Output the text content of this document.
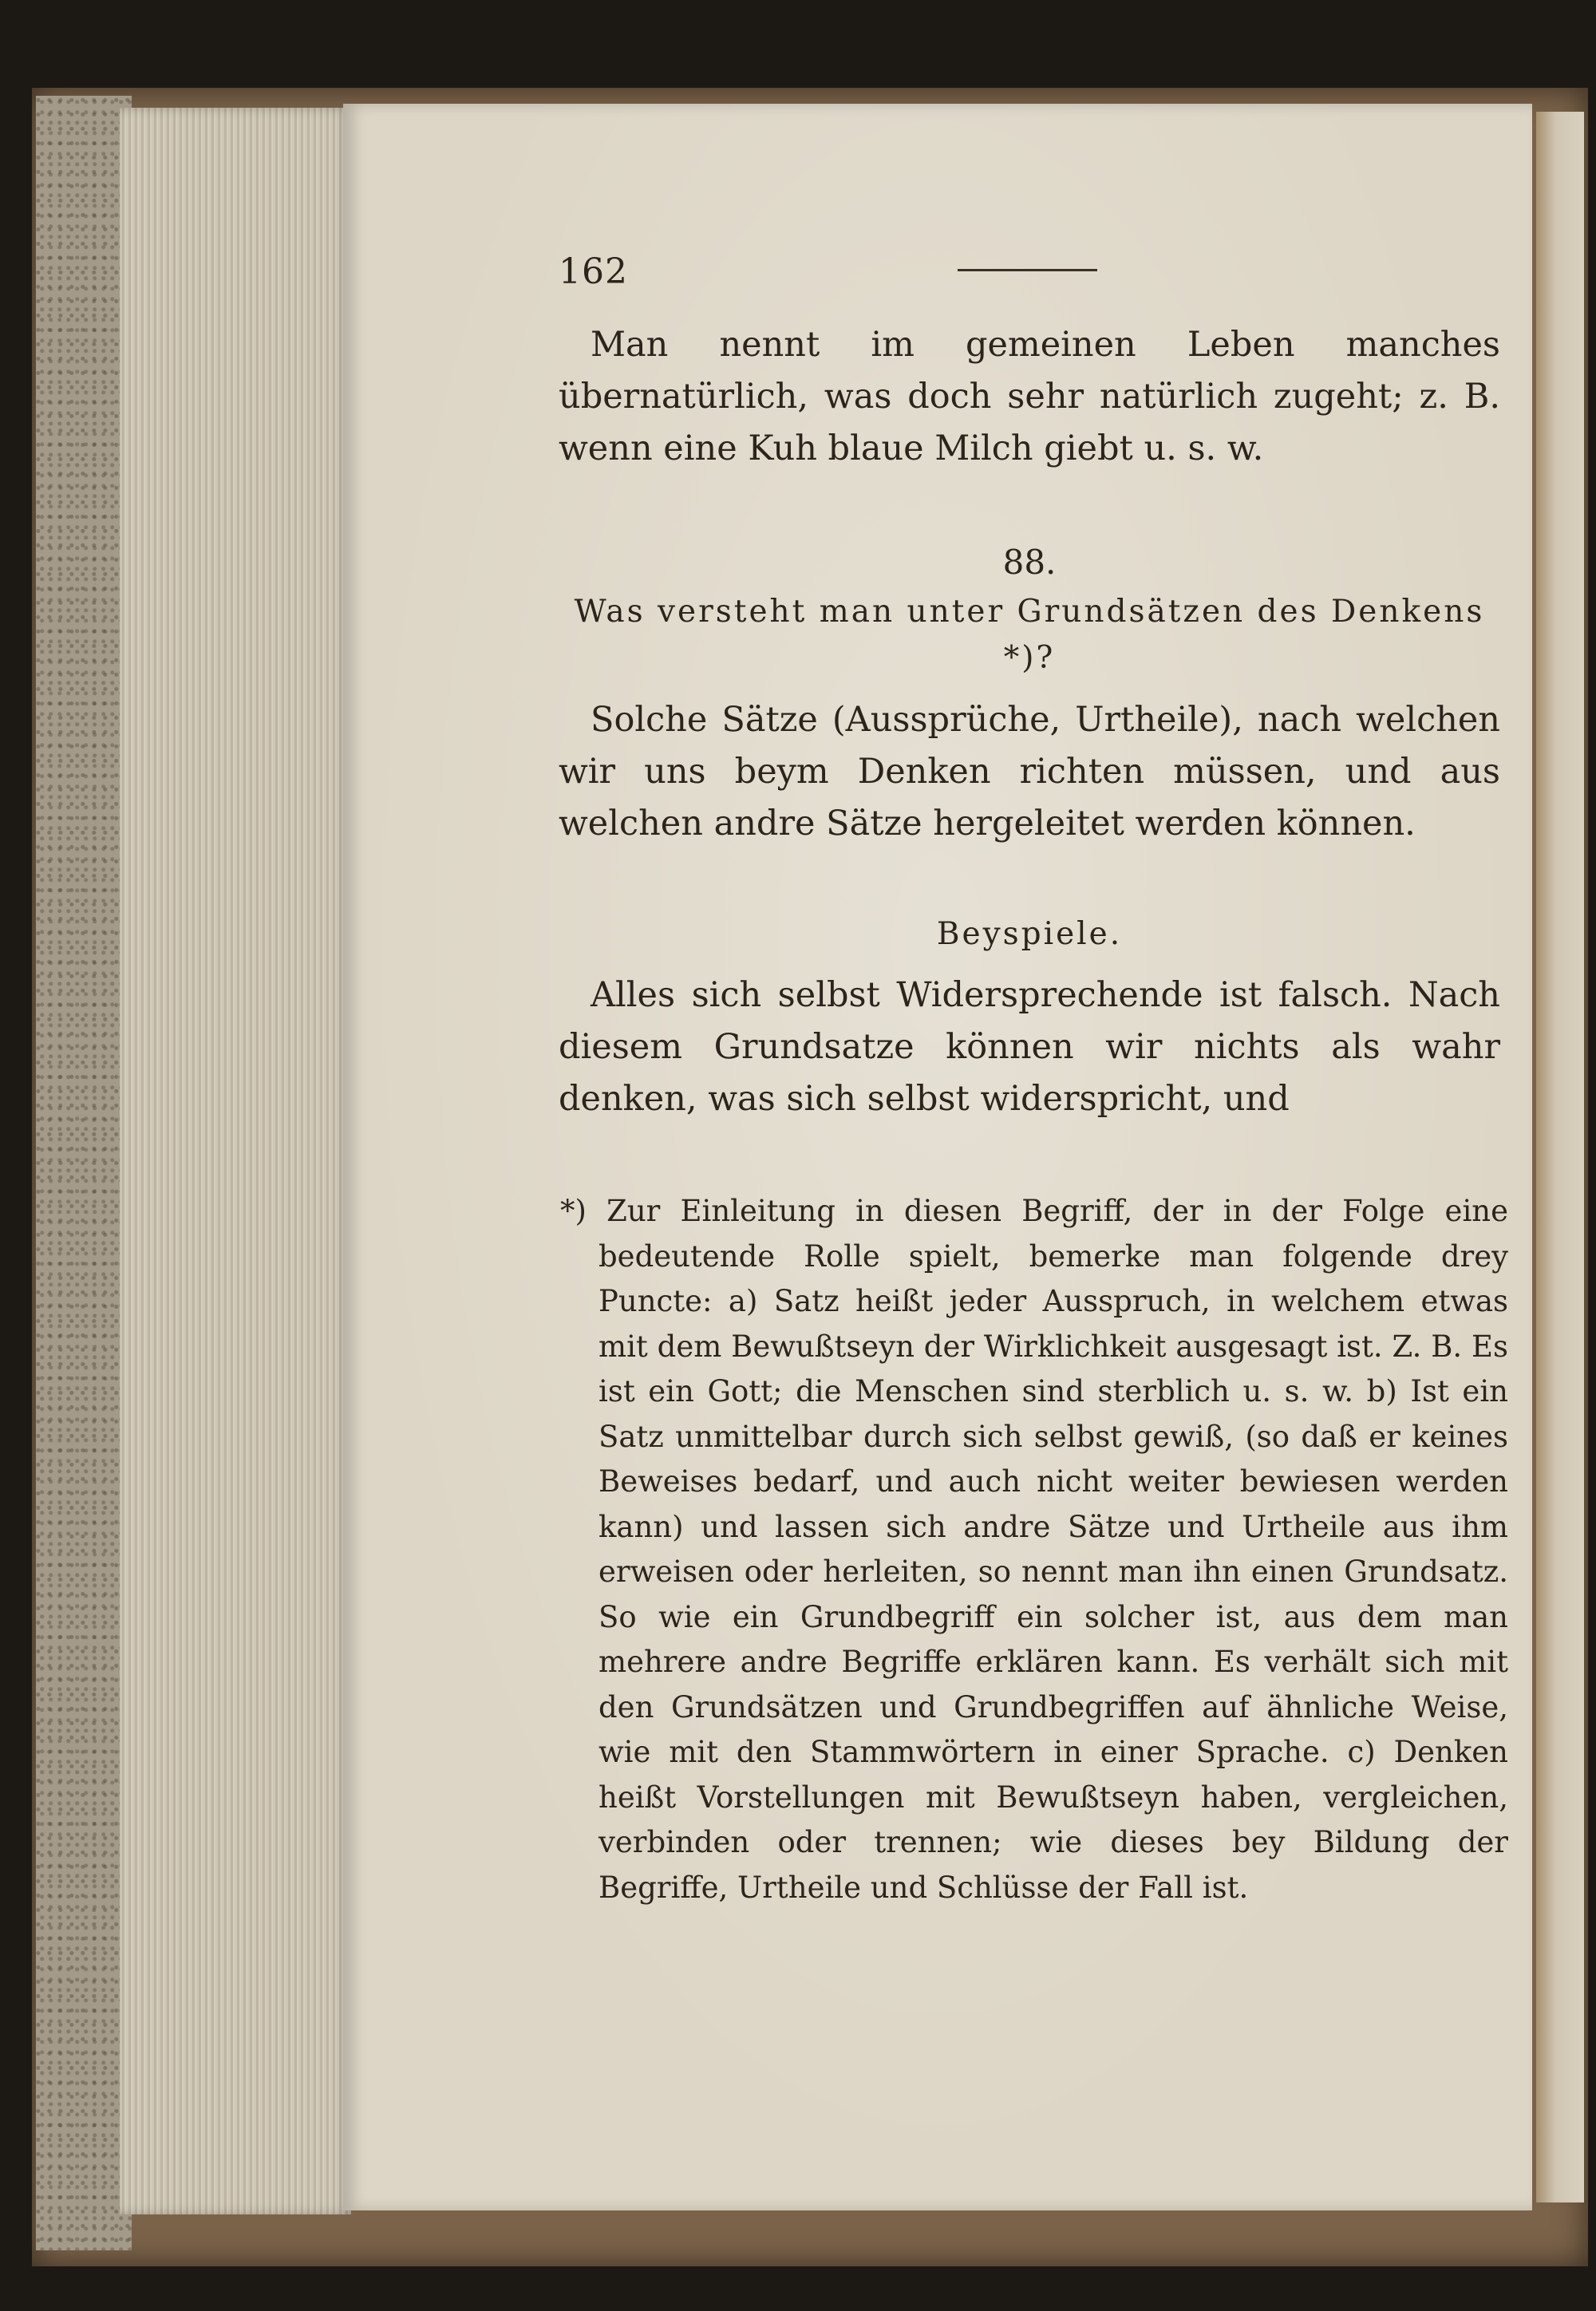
162

Man nennt im gemeinen Leben manches übernatürlich, was doch sehr natürlich zugeht; z. B. wenn eine Kuh blaue Milch giebt u. s. w.

88.

Was versteht man unter Grundsätzen des Denkens *)?

Solche Sätze (Aussprüche, Urtheile), nach welchen wir uns beym Denken richten müssen, und aus welchen andre Sätze hergeleitet werden können.

Beyspiele.

Alles sich selbst Widersprechende ist falsch. Nach diesem Grundsatze können wir nichts als wahr denken, was sich selbst widerspricht, und

*) Zur Einleitung in diesen Begriff, der in der Folge eine bedeutende Rolle spielt, bemerke man folgende drey Puncte: a) Satz heißt jeder Ausspruch, in welchem etwas mit dem Bewußtseyn der Wirklichkeit ausgesagt ist. Z. B. Es ist ein Gott; die Menschen sind sterblich u. s. w. b) Ist ein Satz unmittelbar durch sich selbst gewiß, (so daß er keines Beweises bedarf, und auch nicht weiter bewiesen werden kann) und lassen sich andre Sätze und Urtheile aus ihm erweisen oder herleiten, so nennt man ihn einen Grundsatz. So wie ein Grundbegriff ein solcher ist, aus dem man mehrere andre Begriffe erklären kann. Es verhält sich mit den Grundsätzen und Grundbegriffen auf ähnliche Weise, wie mit den Stammwörtern in einer Sprache. c) Denken heißt Vorstellungen mit Bewußtseyn haben, vergleichen, verbinden oder trennen; wie dieses bey Bildung der Begriffe, Urtheile und Schlüsse der Fall ist.
